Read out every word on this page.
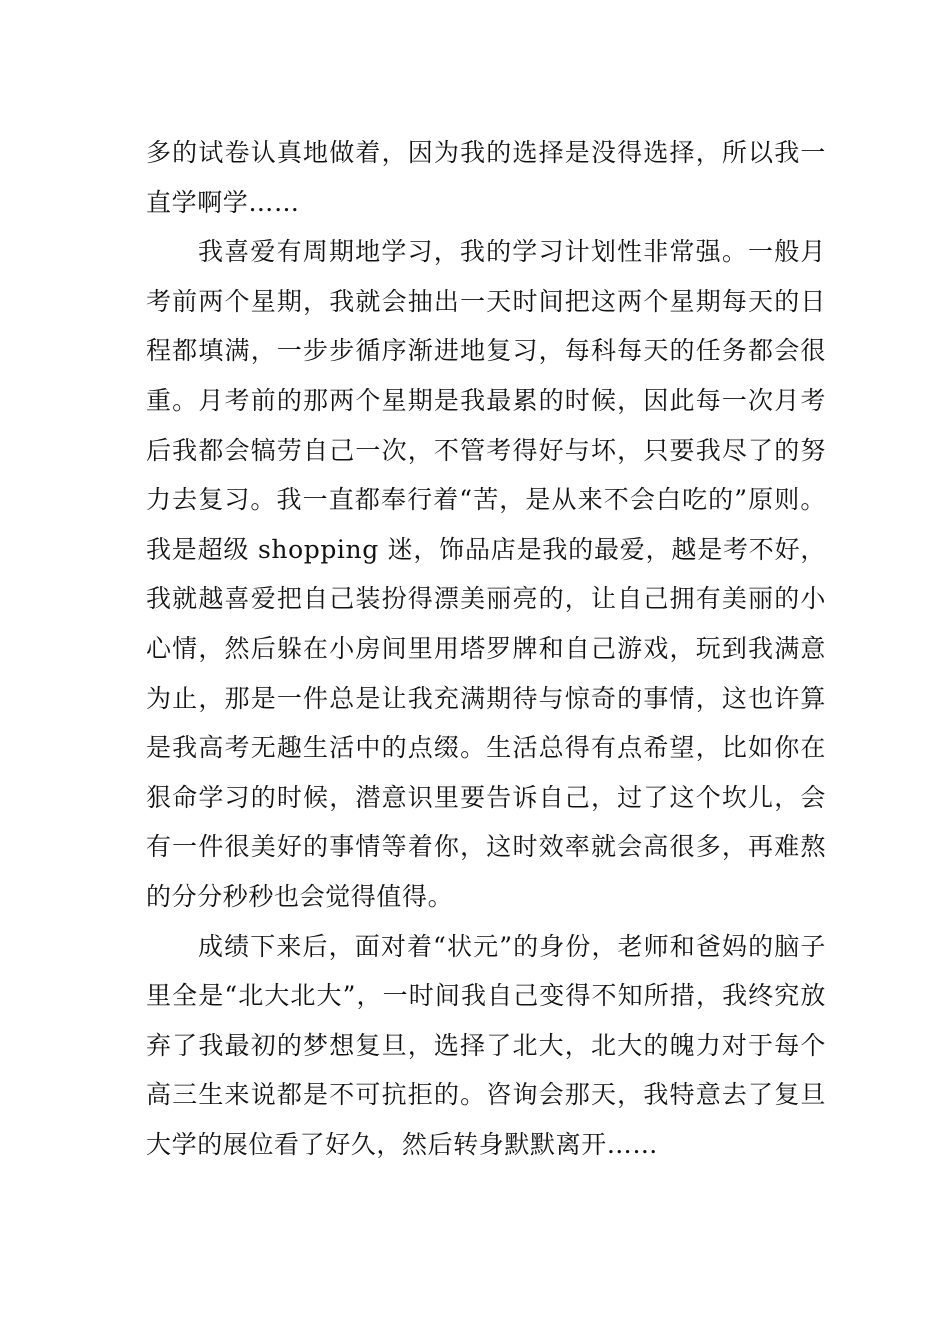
多的试卷认真地做着，因为我的选择是没得选择，所以我一直学啊学……

我喜爱有周期地学习，我的学习计划性非常强。一般月考前两个星期，我就会抽出一天时间把这两个星期每天的日程都填满，一步步循序渐进地复习，每科每天的任务都会很重。月考前的那两个星期是我最累的时候，因此每一次月考后我都会犒劳自己一次，不管考得好与坏，只要我尽了的努力去复习。我一直都奉行着“苦，是从来不会白吃的”原则。我是超级 shopping 迷，饰品店是我的最爱，越是考不好，我就越喜爱把自己装扮得漂美丽亮的，让自己拥有美丽的小心情，然后躲在小房间里用塔罗牌和自己游戏，玩到我满意为止，那是一件总是让我充满期待与惊奇的事情，这也许算是我高考无趣生活中的点缀。生活总得有点希望，比如你在狠命学习的时候，潜意识里要告诉自己，过了这个坎儿，会有一件很美好的事情等着你，这时效率就会高很多，再难熬的分分秒秒也会觉得值得。

成绩下来后，面对着“状元”的身份，老师和爸妈的脑子里全是“北大北大”，一时间我自己变得不知所措，我终究放弃了我最初的梦想复旦，选择了北大，北大的魄力对于每个高三生来说都是不可抗拒的。咨询会那天，我特意去了复旦大学的展位看了好久，然后转身默默离开……
